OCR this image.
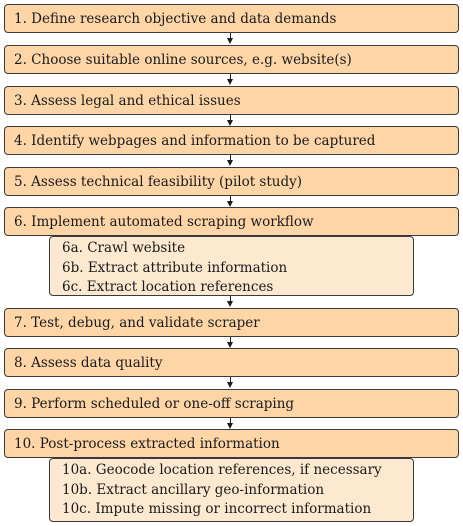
1. Define research objective and data demands
2. Choose suitable online sources, e.g. website(s)
3. Assess legal and ethical issues
4. Identify webpages and information to be captured
5. Assess technical feasibility (pilot study)
6. Implement automated scraping workflow
6a. Crawl website
6b. Extract attribute information
6c. Extract location references
7. Test, debug, and validate scraper
8. Assess data quality
9. Perform scheduled or one-off scraping
10. Post-process extracted information
10a. Geocode location references, if necessary
10b. Extract ancillary geo-information
10c. Impute missing or incorrect information
